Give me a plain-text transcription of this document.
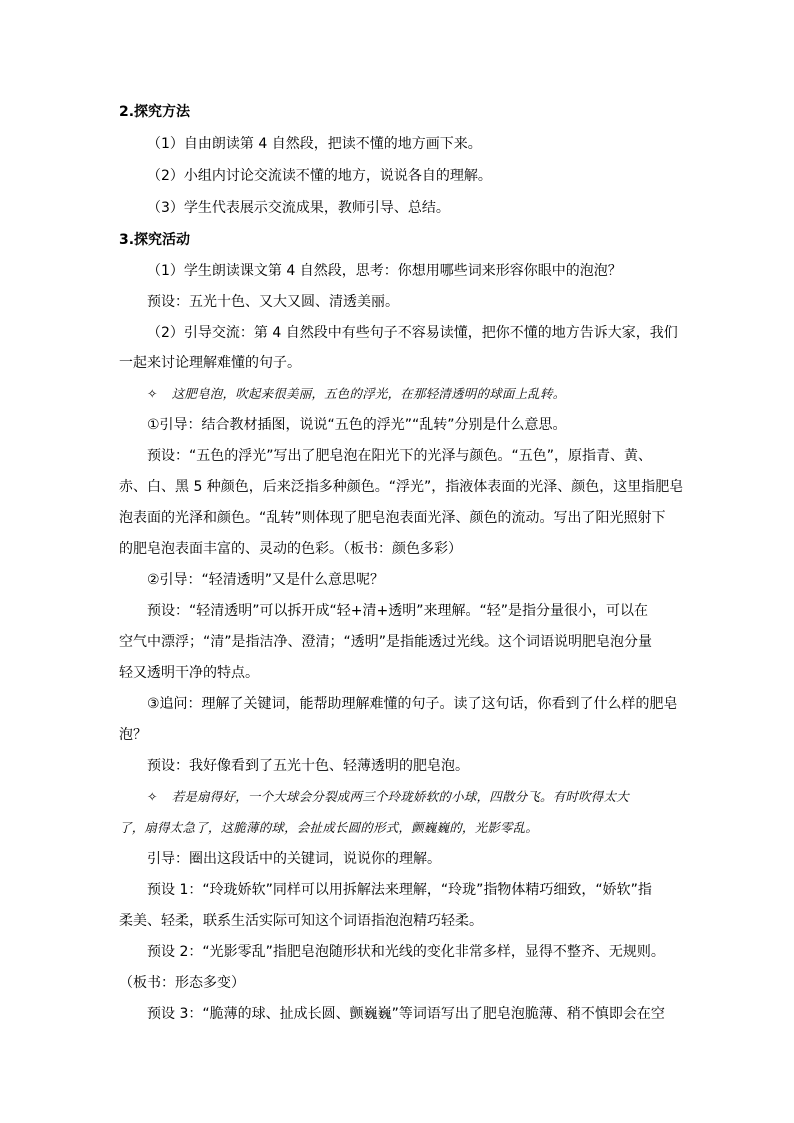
2.探究方法
（1）自由朗读第 4 自然段，把读不懂的地方画下来。
（2）小组内讨论交流读不懂的地方，说说各自的理解。
（3）学生代表展示交流成果，教师引导、总结。
3.探究活动
（1）学生朗读课文第 4 自然段，思考：你想用哪些词来形容你眼中的泡泡？
预设：五光十色、又大又圆、清透美丽。
（2）引导交流：第 4 自然段中有些句子不容易读懂，把你不懂的地方告诉大家，我们
一起来讨论理解难懂的句子。
✧ 这肥皂泡，吹起来很美丽，五色的浮光，在那轻清透明的球面上乱转。
①引导：结合教材插图，说说“五色的浮光”“乱转”分别是什么意思。
预设：“五色的浮光”写出了肥皂泡在阳光下的光泽与颜色。“五色”，原指青、黄、
赤、白、黑 5 种颜色，后来泛指多种颜色。“浮光”，指液体表面的光泽、颜色，这里指肥皂
泡表面的光泽和颜色。“乱转”则体现了肥皂泡表面光泽、颜色的流动。写出了阳光照射下
的肥皂泡表面丰富的、灵动的色彩。（板书：颜色多彩）
②引导：“轻清透明”又是什么意思呢？
预设：“轻清透明”可以拆开成“轻+清+透明”来理解。“轻”是指分量很小，可以在
空气中漂浮；“清”是指洁净、澄清；“透明”是指能透过光线。这个词语说明肥皂泡分量
轻又透明干净的特点。
③追问：理解了关键词，能帮助理解难懂的句子。读了这句话，你看到了什么样的肥皂
泡？
预设：我好像看到了五光十色、轻薄透明的肥皂泡。
✧ 若是扇得好，一个大球会分裂成两三个玲珑娇软的小球，四散分飞。有时吹得太大
了，扇得太急了，这脆薄的球，会扯成长圆的形式，颤巍巍的，光影零乱。
引导：圈出这段话中的关键词，说说你的理解。
预设 1：“玲珑娇软”同样可以用拆解法来理解，“玲珑”指物体精巧细致，“娇软”指
柔美、轻柔，联系生活实际可知这个词语指泡泡精巧轻柔。
预设 2：“光影零乱”指肥皂泡随形状和光线的变化非常多样，显得不整齐、无规则。
（板书：形态多变）
预设 3：“脆薄的球、扯成长圆、颤巍巍”等词语写出了肥皂泡脆薄、稍不慎即会在空
